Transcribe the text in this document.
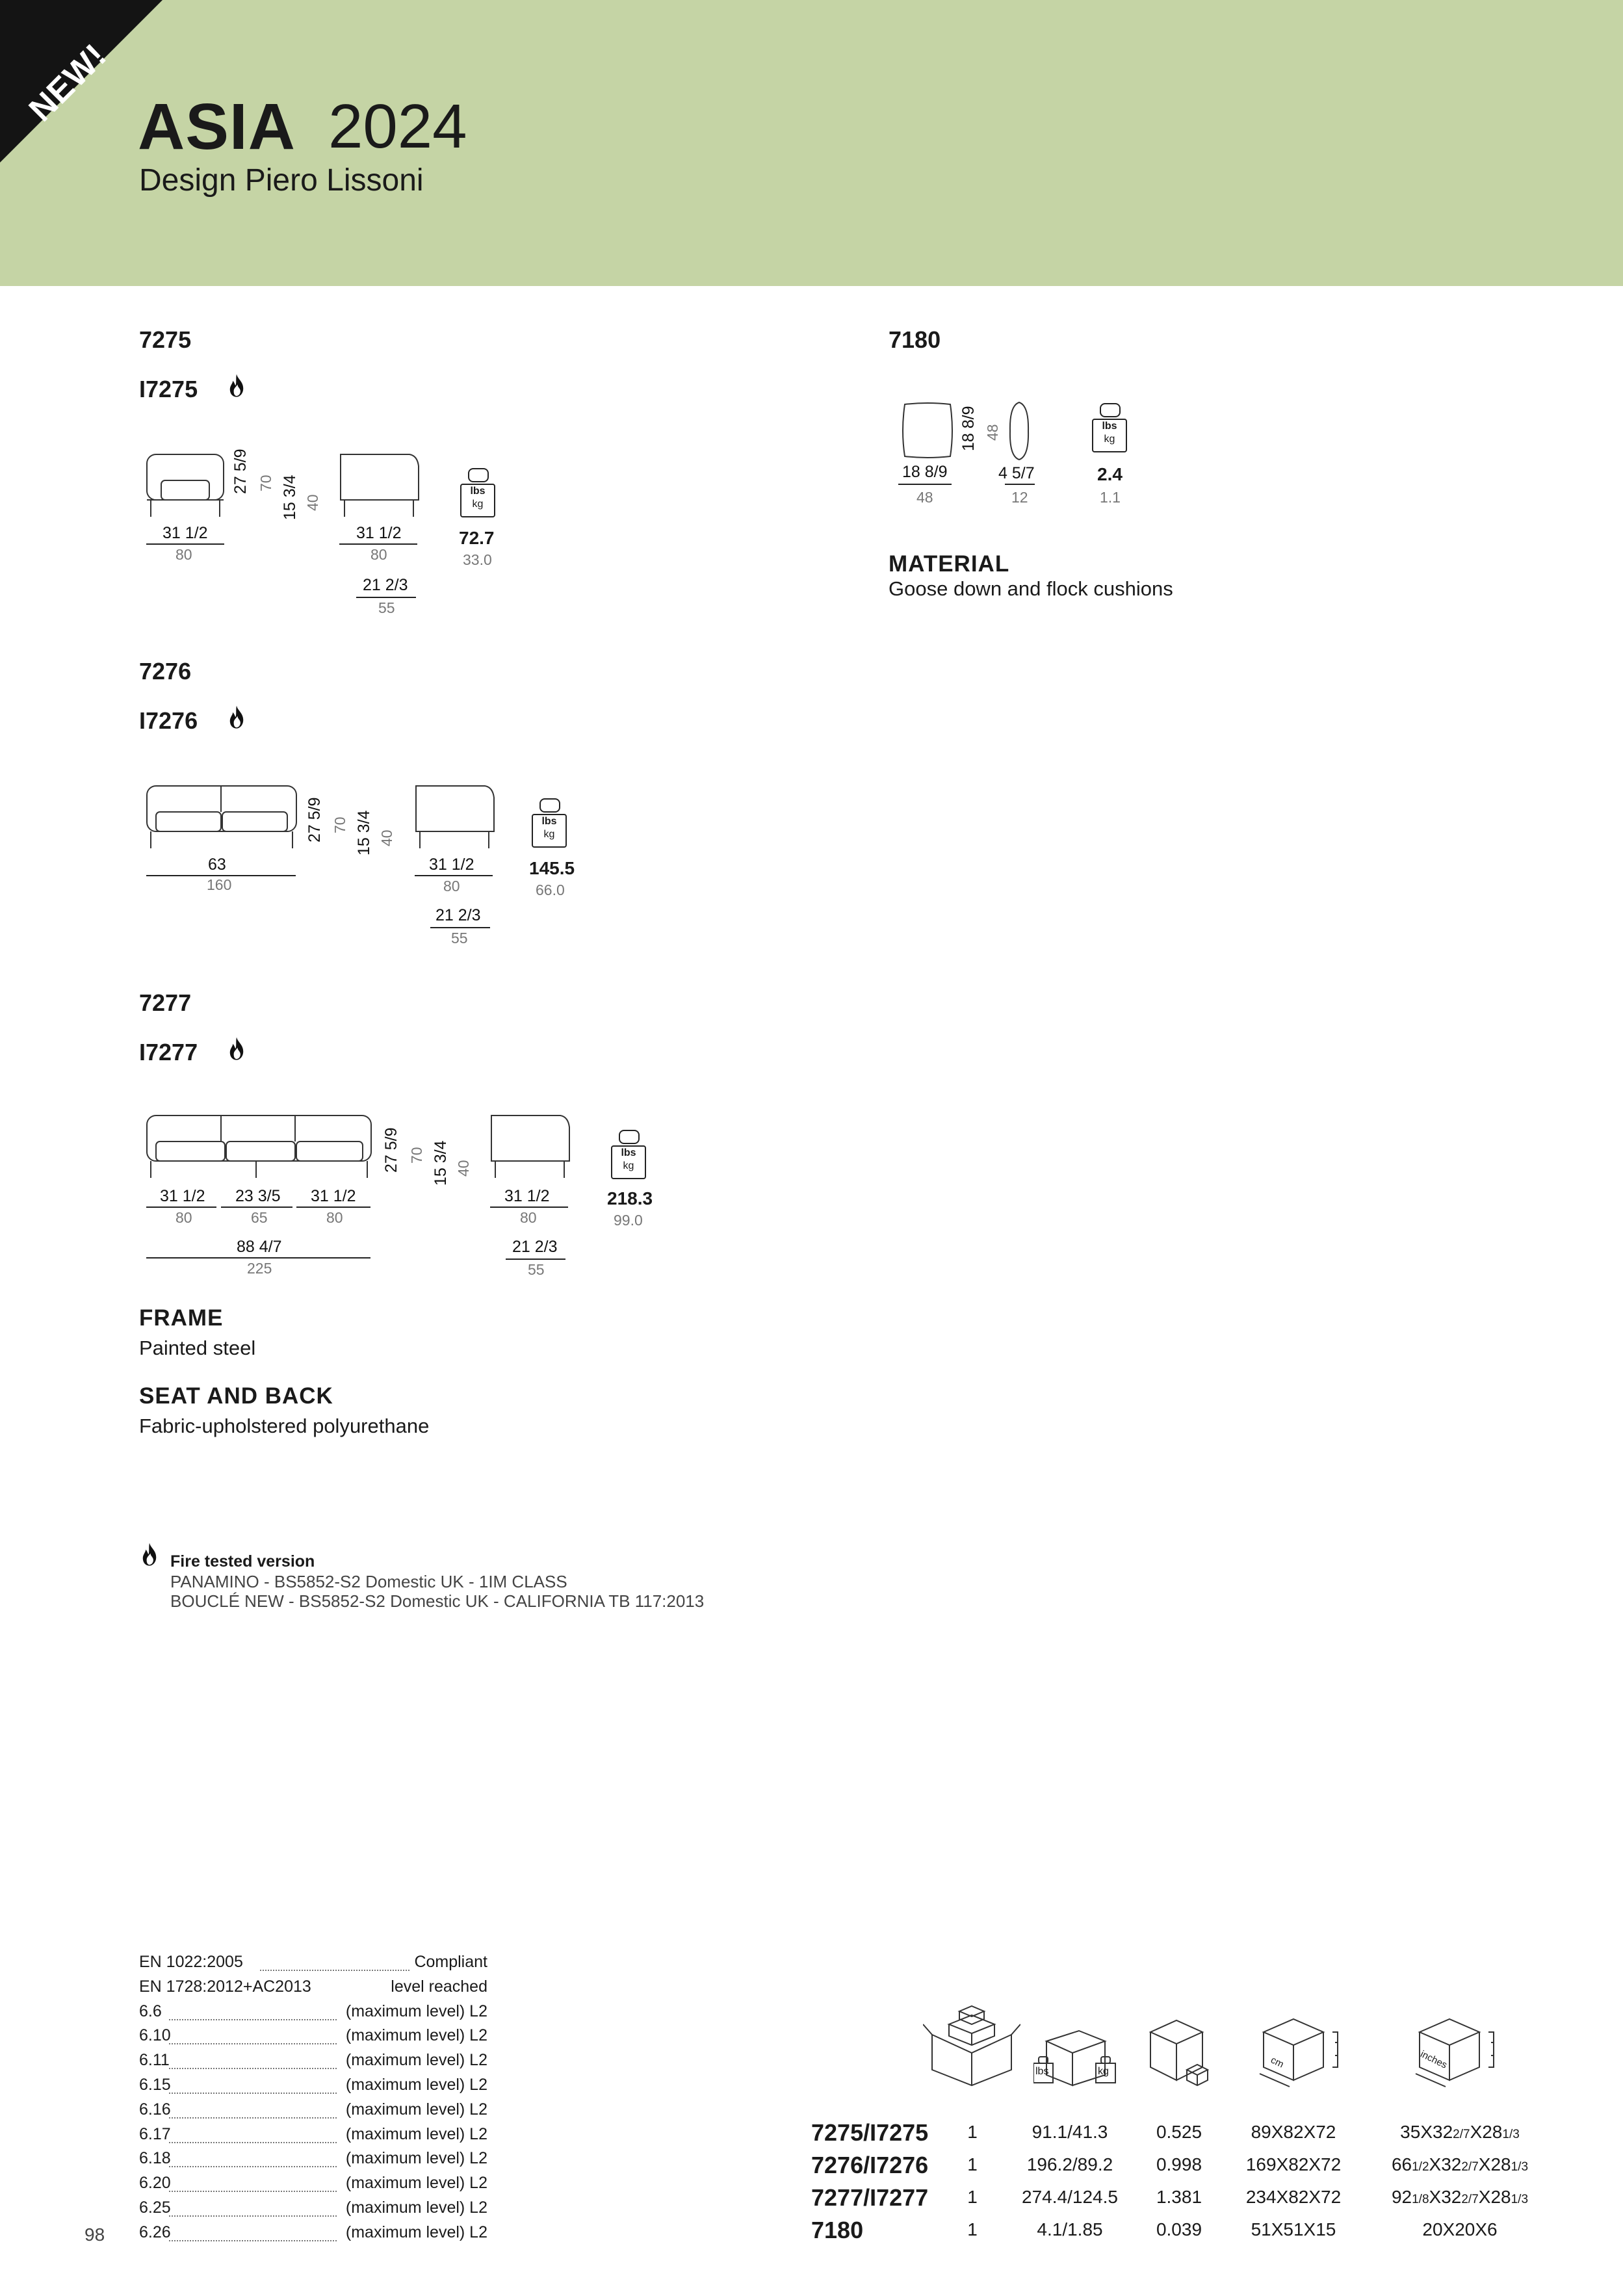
NEW! ASIA 2024
Design Piero Lissoni
7275
I7275
31 1/2
80
27 5/9 70 15 3/4 40
31 1/2
80
21 2/3
55
lbs
kg
72.7
33.0
7276
I7276
63
160
27 5/9 70 15 3/4 40
31 1/2
80
21 2/3
55
lbs
kg
145.5
66.0
7277
I7277
31 1/2
80
23 3/5
65
31 1/2
80
88 4/7
225
27 5/9 70 15 3/4 40
31 1/2
80
21 2/3
55
lbs
kg
218.3
99.0
FRAME
Painted steel
SEAT AND BACK
Fabric-upholstered polyurethane
Fire tested version
PANAMINO - BS5852-S2 Domestic UK - 1IM CLASS
BOUCLÉ NEW - BS5852-S2 Domestic UK - CALIFORNIA TB 117:2013
7180
18 8/9
48
18 8/9 48
4 5/7
12
lbs
kg
2.4
1.1
MATERIAL
Goose down and flock cushions
EN 1022:2005	Compliant
EN 1728:2012+AC2013	level reached
6.6	(maximum level) L2
6.10	(maximum level) L2
6.11	(maximum level) L2
6.15	(maximum level) L2
6.16	(maximum level) L2
6.17	(maximum level) L2
6.18	(maximum level) L2
6.20	(maximum level) L2
6.25	(maximum level) L2
6.26	(maximum level) L2
98
lbs	kg
cm	inches
7275/I7275	1	91.1/41.3	0.525	89X82X72	35X322/7X281/3
7276/I7276	1	196.2/89.2	0.998	169X82X72	661/2X322/7X281/3
7277/I7277	1	274.4/124.5	1.381	234X82X72	921/8X322/7X281/3
7180	1	4.1/1.85	0.039	51X51X15	20X20X6
